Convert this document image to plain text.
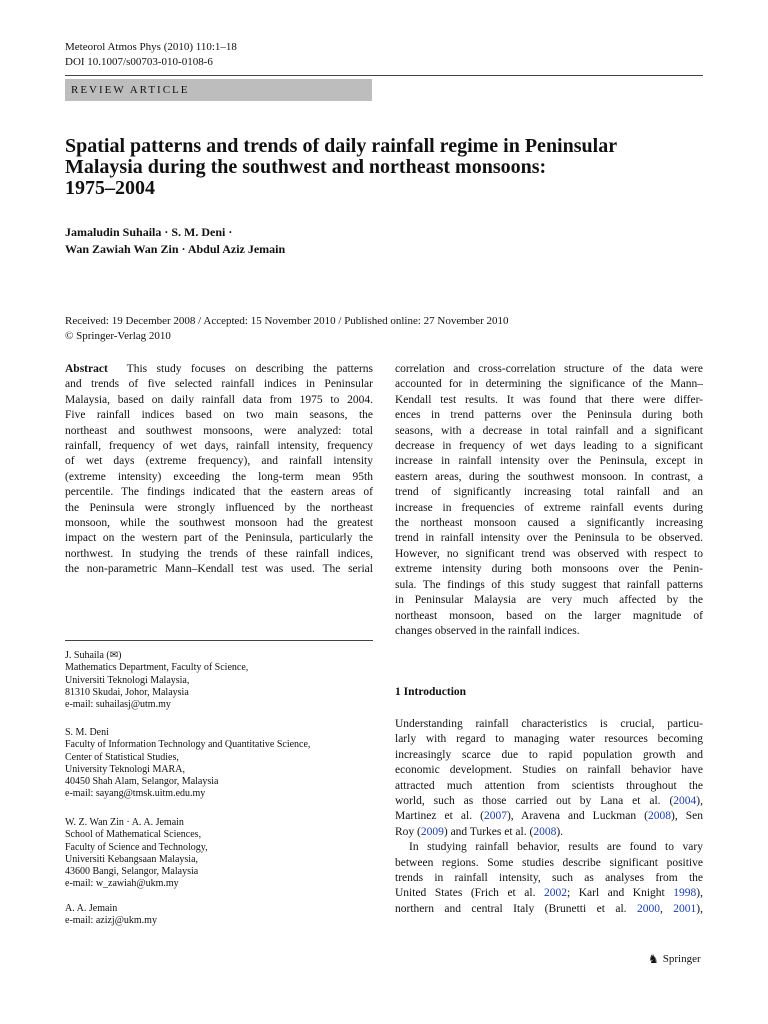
Meteorol Atmos Phys (2010) 110:1–18
DOI 10.1007/s00703-010-0108-6
REVIEW ARTICLE
Spatial patterns and trends of daily rainfall regime in Peninsular
Malaysia during the southwest and northeast monsoons:
1975–2004
Jamaludin Suhaila · S. M. Deni ·
Wan Zawiah Wan Zin · Abdul Aziz Jemain
Received: 19 December 2008 / Accepted: 15 November 2010 / Published online: 27 November 2010
© Springer-Verlag 2010
Abstract This study focuses on describing the patterns
and trends of five selected rainfall indices in Peninsular
Malaysia, based on daily rainfall data from 1975 to 2004.
Five rainfall indices based on two main seasons, the
northeast and southwest monsoons, were analyzed: total
rainfall, frequency of wet days, rainfall intensity, frequency
of wet days (extreme frequency), and rainfall intensity
(extreme intensity) exceeding the long-term mean 95th
percentile. The findings indicated that the eastern areas of
the Peninsula were strongly influenced by the northeast
monsoon, while the southwest monsoon had the greatest
impact on the western part of the Peninsula, particularly the
northwest. In studying the trends of these rainfall indices,
the non-parametric Mann–Kendall test was used. The serial
J. Suhaila (✉)
Mathematics Department, Faculty of Science,
Universiti Teknologi Malaysia,
81310 Skudai, Johor, Malaysia
e-mail: suhailasj@utm.my
S. M. Deni
Faculty of Information Technology and Quantitative Science,
Center of Statistical Studies,
University Teknologi MARA,
40450 Shah Alam, Selangor, Malaysia
e-mail: sayang@tmsk.uitm.edu.my
W. Z. Wan Zin · A. A. Jemain
School of Mathematical Sciences,
Faculty of Science and Technology,
Universiti Kebangsaan Malaysia,
43600 Bangi, Selangor, Malaysia
e-mail: w_zawiah@ukm.my
A. A. Jemain
e-mail: azizj@ukm.my
correlation and cross-correlation structure of the data were
accounted for in determining the significance of the Mann–
Kendall test results. It was found that there were differ-
ences in trend patterns over the Peninsula during both
seasons, with a decrease in total rainfall and a significant
decrease in frequency of wet days leading to a significant
increase in rainfall intensity over the Peninsula, except in
eastern areas, during the southwest monsoon. In contrast, a
trend of significantly increasing total rainfall and an
increase in frequencies of extreme rainfall events during
the northeast monsoon caused a significantly increasing
trend in rainfall intensity over the Peninsula to be observed.
However, no significant trend was observed with respect to
extreme intensity during both monsoons over the Penin-
sula. The findings of this study suggest that rainfall patterns
in Peninsular Malaysia are very much affected by the
northeast monsoon, based on the larger magnitude of
changes observed in the rainfall indices.
1 Introduction
Understanding rainfall characteristics is crucial, particu-
larly with regard to managing water resources becoming
increasingly scarce due to rapid population growth and
economic development. Studies on rainfall behavior have
attracted much attention from scientists throughout the
world, such as those carried out by Lana et al. (2004),
Martinez et al. (2007), Aravena and Luckman (2008), Sen
Roy (2009) and Turkes et al. (2008).
In studying rainfall behavior, results are found to vary
between regions. Some studies describe significant positive
trends in rainfall intensity, such as analyses from the
United States (Frich et al. 2002; Karl and Knight 1998),
northern and central Italy (Brunetti et al. 2000, 2001),
♞ Springer
